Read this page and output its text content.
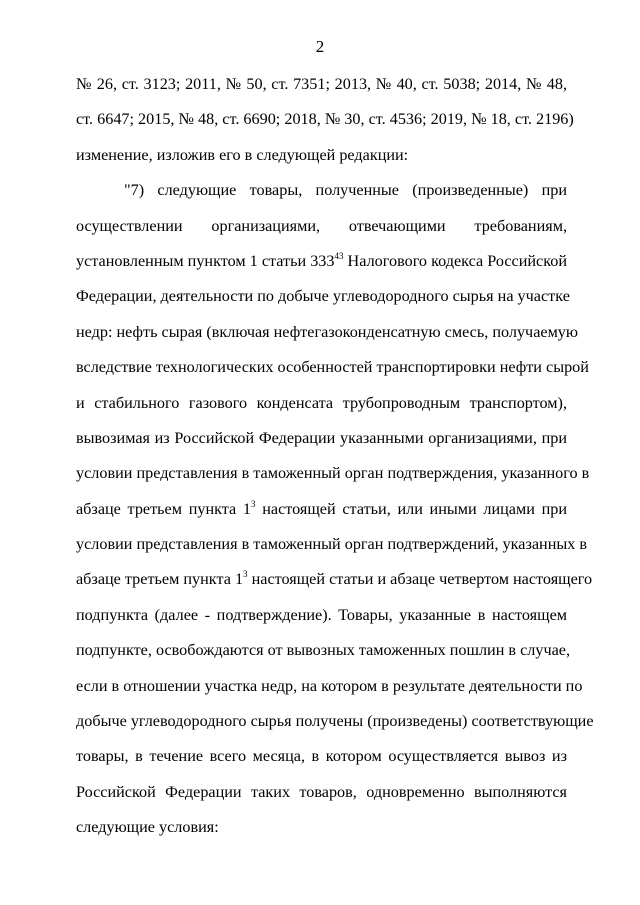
2
№ 26, ст. 3123; 2011, № 50, ст. 7351; 2013, № 40, ст. 5038; 2014, № 48,
ст. 6647; 2015, № 48, ст. 6690; 2018, № 30, ст. 4536; 2019, № 18, ст. 2196)
изменение, изложив его в следующей редакции:
"7) следующие товары, полученные (произведенные) при
осуществлении организациями, отвечающими требованиям,
установленным пунктом 1 статьи $333^{43}$ Налогового кодекса Российской
Федерации, деятельности по добыче углеводородного сырья на участке
недр: нефть сырая (включая нефтегазоконденсатную смесь, получаемую
вследствие технологических особенностей транспортировки нефти сырой
и стабильного газового конденсата трубопроводным транспортом),
вывозимая из Российской Федерации указанными организациями, при
условии представления в таможенный орган подтверждения, указанного в
абзаце третьем пункта $1^3$ настоящей статьи, или иными лицами при
условии представления в таможенный орган подтверждений, указанных в
абзаце третьем пункта $1^3$ настоящей статьи и абзаце четвертом настоящего
подпункта (далее - подтверждение). Товары, указанные в настоящем
подпункте, освобождаются от вывозных таможенных пошлин в случае,
если в отношении участка недр, на котором в результате деятельности по
добыче углеводородного сырья получены (произведены) соответствующие
товары, в течение всего месяца, в котором осуществляется вывоз из
Российской Федерации таких товаров, одновременно выполняются
следующие условия:
